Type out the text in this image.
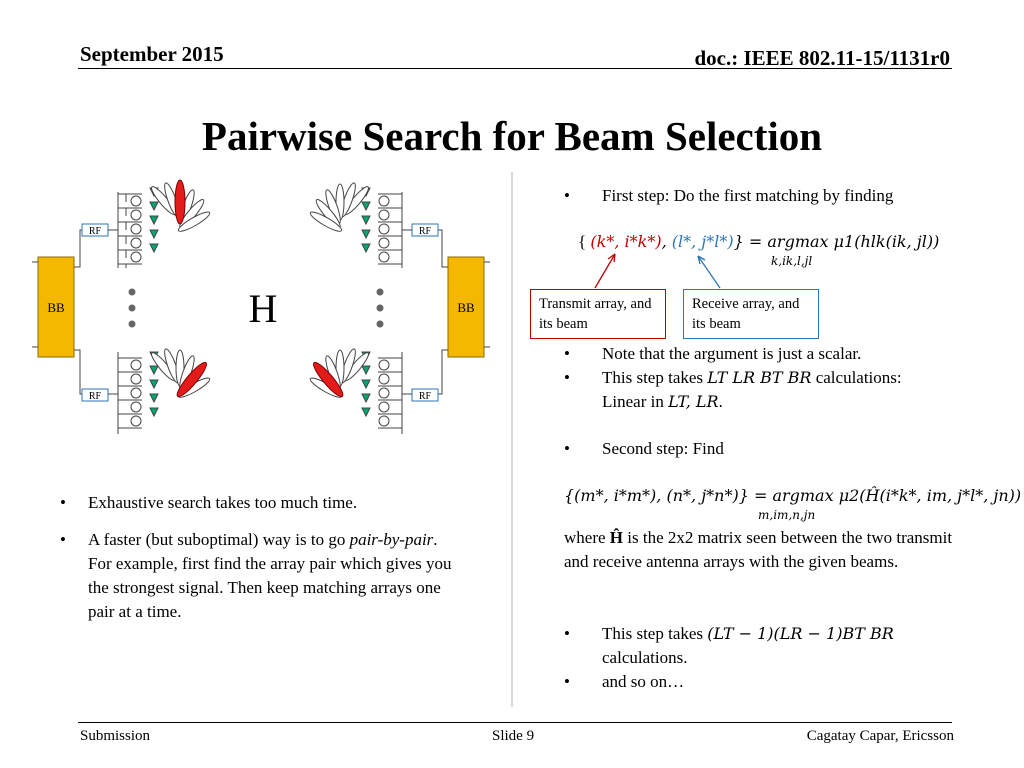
September 2015	doc.: IEEE 802.11-15/1131r0
Pairwise Search for Beam Selection
BB	BB
RF
RF
RF
RF
H
• Exhaustive search takes too much time.
• A faster (but suboptimal) way is to go pair-by-pair. For example, first find the array pair which gives you the strongest signal. Then keep matching arrays one pair at a time.
• First step: Do the first matching by finding
{ (k*, i*k*), (l*, j*l*)} = argmax μ1(hlk(ik, jl))
k,ik,l,jl
Transmit array, and its beam
Receive array, and its beam
• Note that the argument is just a scalar.
• This step takes LT LR BT BR calculations:
Linear in LT, LR.
• Second step: Find
{(m*, i*m*), (n*, j*n*)} = argmax μ2(Ĥ(i*k*, im, j*l*, jn))
m,im,n,jn
where Ĥ is the 2x2 matrix seen between the two transmit and receive antenna arrays with the given beams.
• This step takes (LT − 1)(LR − 1)BT BR
calculations.
• and so on…
Submission	Slide 9	Cagatay Capar, Ericsson
